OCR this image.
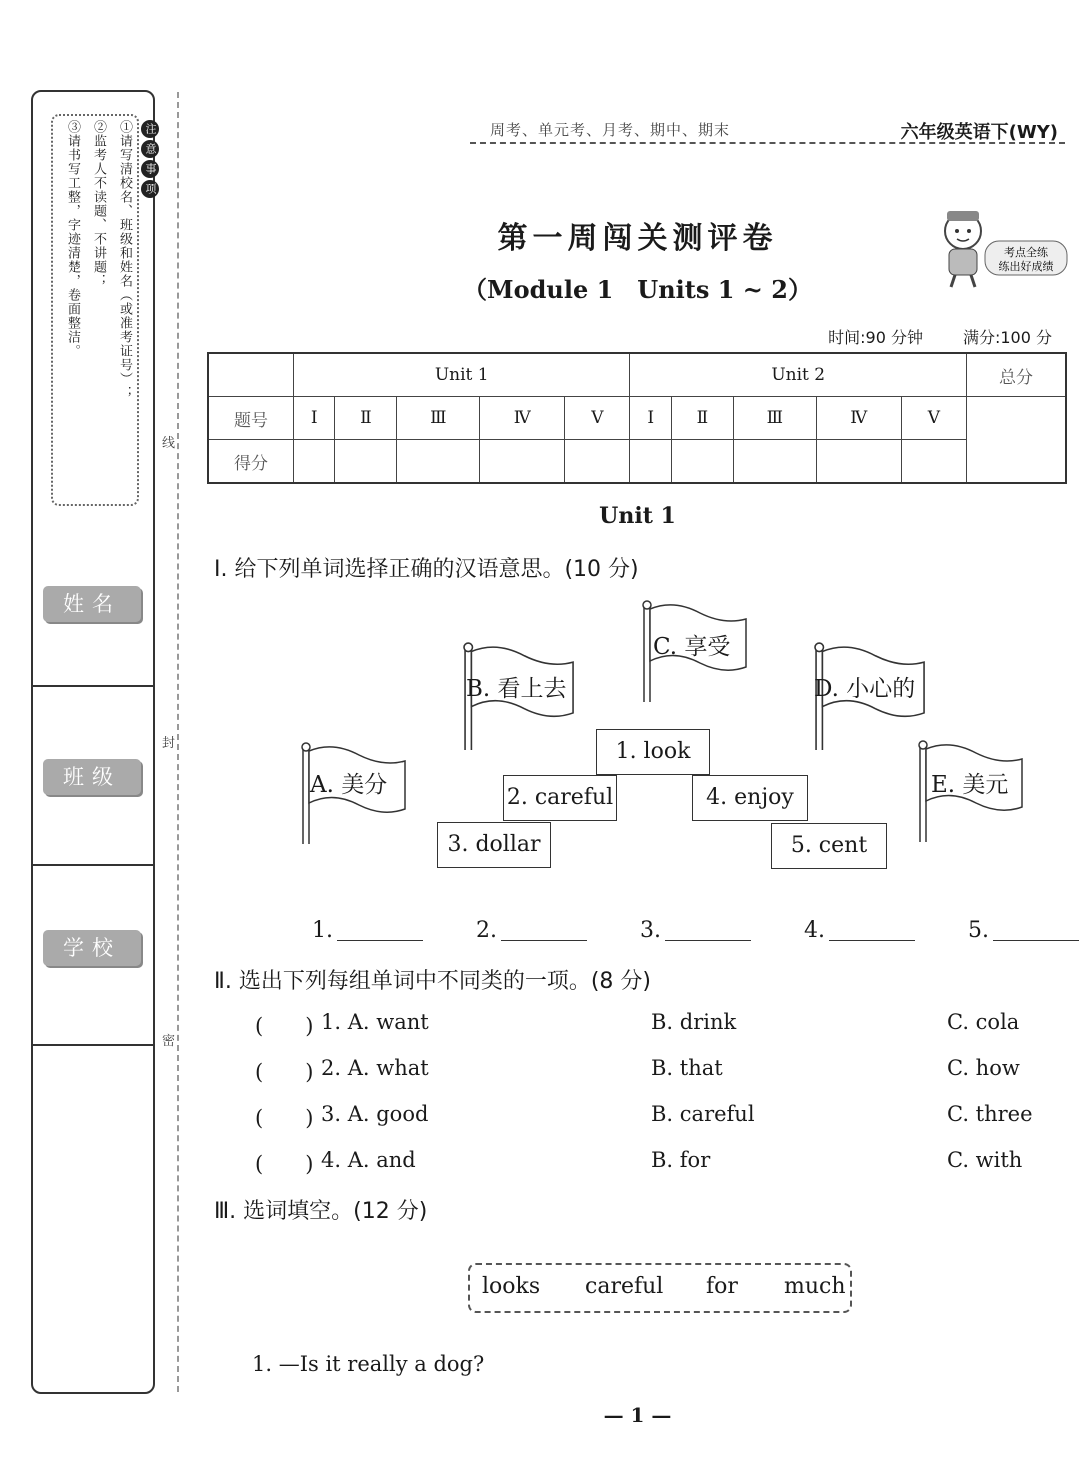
注意事项
①请写清校名、班级和姓名（或准考证号）；
②监考人不读题、不讲题；
③请书写工整，字迹清楚，卷面整洁。
姓名
班级
学校
线
封
密
周考、单元考、月考、期中、期末	六年级英语下(WY)
第一周闯关测评卷
（Module 1　Units 1 ~ 2）
考点全练
练出好成绩
时间:90 分钟	满分:100 分
	Unit 1					Unit 2					总分
题号	Ⅰ	Ⅱ	Ⅲ	Ⅳ	Ⅴ	Ⅰ	Ⅱ	Ⅲ	Ⅳ	Ⅴ	
得分											
Unit 1
Ⅰ. 给下列单词选择正确的汉语意思。(10 分)
A. 美分
B. 看上去
C. 享受
D. 小心的
E. 美元
1. look
2. careful
3. dollar
4. enjoy
5. cent
1.	2.	3.	4.	5.
Ⅱ. 选出下列每组单词中不同类的一项。(8 分)
(　　) 1. A. want	B. drink	C. cola
(　　) 2. A. what	B. that	C. how
(　　) 3. A. good	B. careful	C. three
(　　) 4. A. and	B. for	C. with
Ⅲ. 选词填空。(12 分)
looks careful for much
1. —Is it really a dog?
— 1 —
